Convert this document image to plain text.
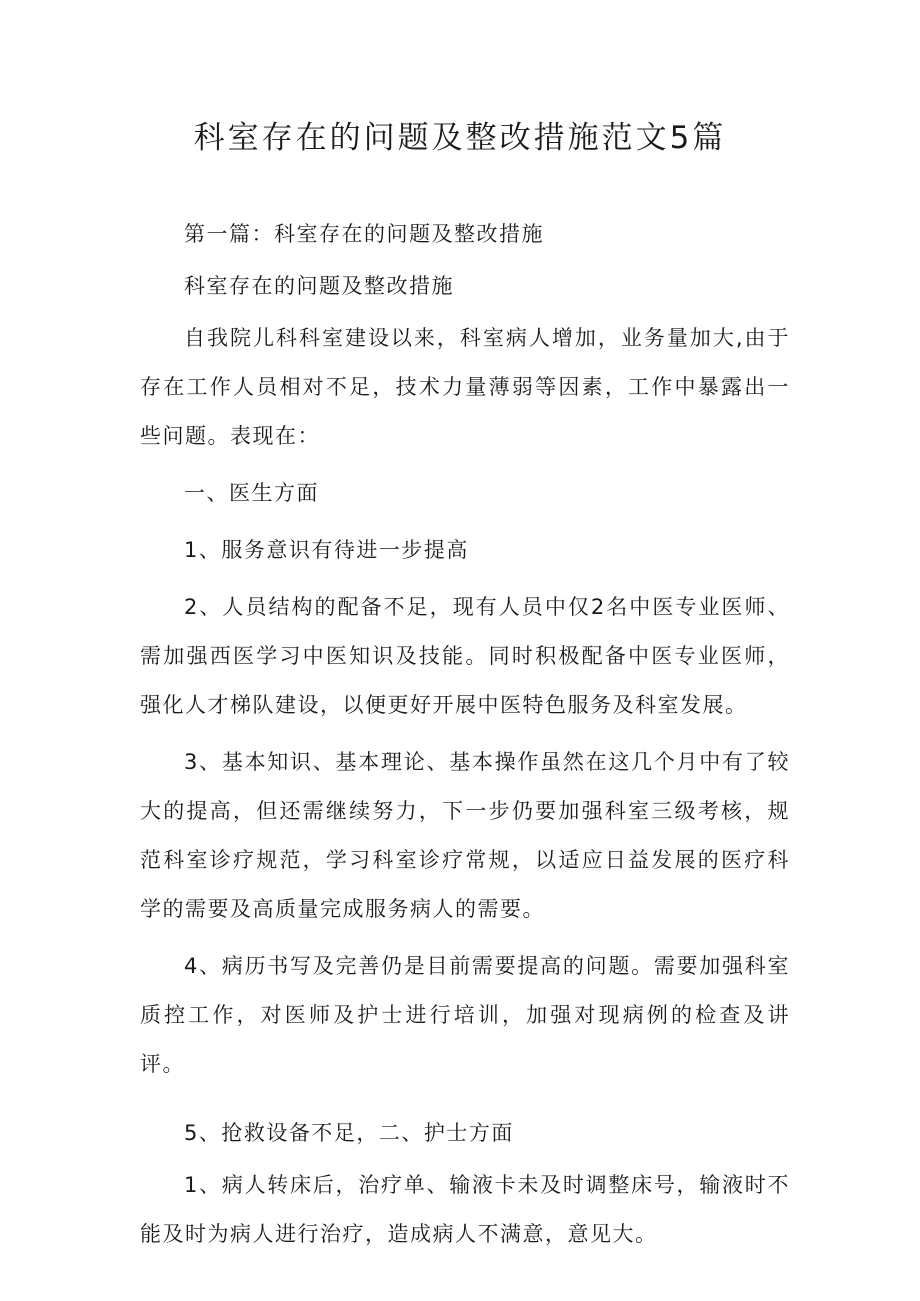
科室存在的问题及整改措施范文5篇

第一篇：科室存在的问题及整改措施

科室存在的问题及整改措施

自我院儿科科室建设以来，科室病人增加，业务量加大,由于存在工作人员相对不足，技术力量薄弱等因素，工作中暴露出一些问题。表现在：

一、医生方面

1、服务意识有待进一步提高

2、人员结构的配备不足，现有人员中仅2名中医专业医师、需加强西医学习中医知识及技能。同时积极配备中医专业医师，强化人才梯队建设，以便更好开展中医特色服务及科室发展。

3、基本知识、基本理论、基本操作虽然在这几个月中有了较大的提高，但还需继续努力，下一步仍要加强科室三级考核，规范科室诊疗规范，学习科室诊疗常规，以适应日益发展的医疗科学的需要及高质量完成服务病人的需要。

4、病历书写及完善仍是目前需要提高的问题。需要加强科室质控工作，对医师及护士进行培训，加强对现病例的检查及讲评。

5、抢救设备不足，二、护士方面

1、病人转床后，治疗单、输液卡未及时调整床号，输液时不能及时为病人进行治疗，造成病人不满意，意见大。
